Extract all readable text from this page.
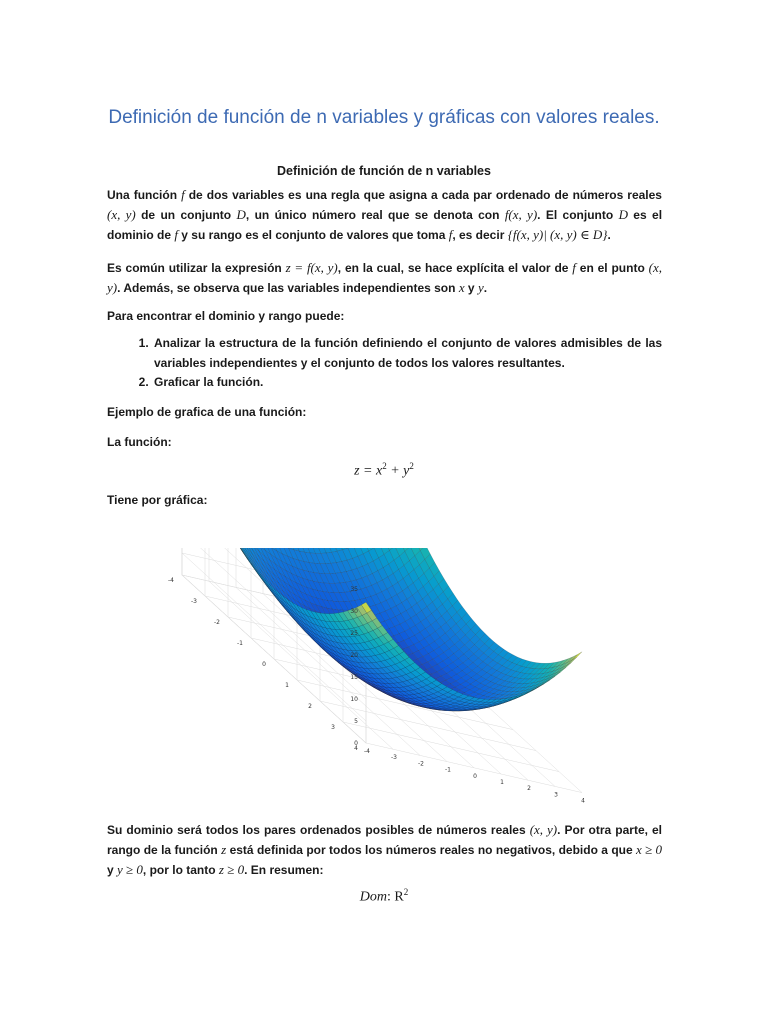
Definición de función de n variables y gráficas con valores reales.
Definición de función de n variables
Una función f de dos variables es una regla que asigna a cada par ordenado de números reales (x, y) de un conjunto D, un único número real que se denota con f(x, y). El conjunto D es el dominio de f y su rango es el conjunto de valores que toma f, es decir {f(x, y)| (x, y) ∈ D}.
Es común utilizar la expresión z = f(x, y), en la cual, se hace explícita el valor de f en el punto (x, y). Además, se observa que las variables independientes son x y y.
Para encontrar el dominio y rango puede:
1. Analizar la estructura de la función definiendo el conjunto de valores admisibles de las variables independientes y el conjunto de todos los valores resultantes.
2. Graficar la función.
Ejemplo de grafica de una función:
La función:
$z = x^2 + y^2$
Tiene por gráfica:
0
5
10
15
20
25
30
35
4
3
2
1
0
-1
-2
-3
-4
-4
-3
-2
-1
0
1
2
3
4
Su dominio será todos los pares ordenados posibles de números reales (x, y). Por otra parte, el rango de la función z está definida por todos los números reales no negativos, debido a que x ≥ 0 y y ≥ 0, por lo tanto z ≥ 0. En resumen:
Dom: $R^2$
